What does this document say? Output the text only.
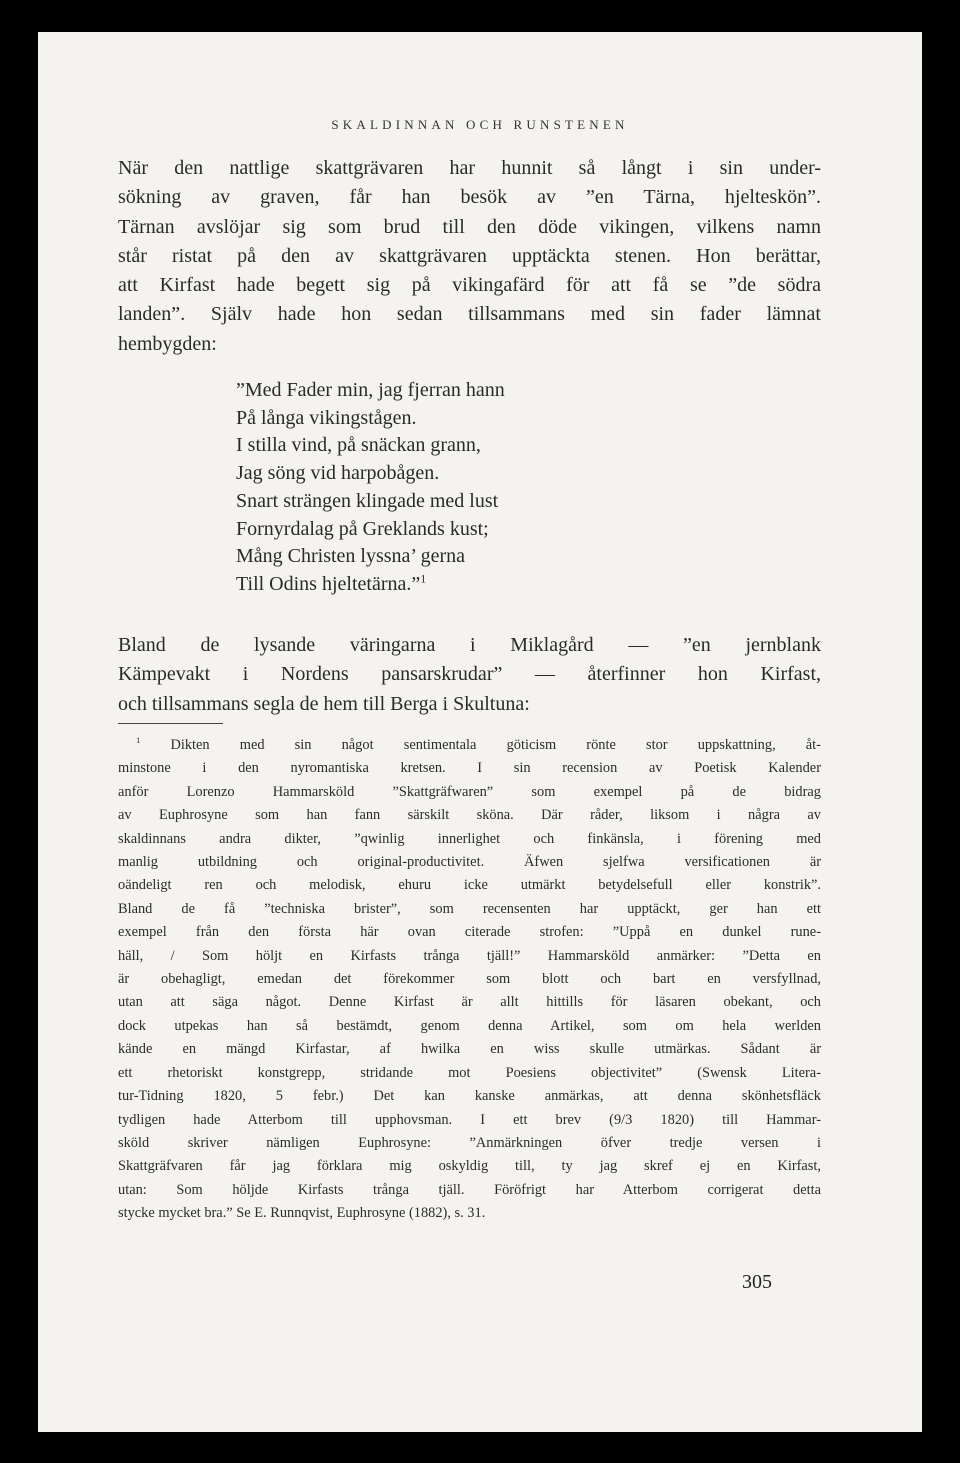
SKALDINNAN OCH RUNSTENEN

När den nattlige skattgrävaren har hunnit så långt i sin under-
sökning av graven, får han besök av ”en Tärna, hjelteskön”.
Tärnan avslöjar sig som brud till den döde vikingen, vilkens namn
står ristat på den av skattgrävaren upptäckta stenen. Hon berättar,
att Kirfast hade begett sig på vikingafärd för att få se ”de södra
landen”. Själv hade hon sedan tillsammans med sin fader lämnat
hembygden:

”Med Fader min, jag fjerran hann
På långa vikingstågen.
I stilla vind, på snäckan grann,
Jag söng vid harpobågen.
Snart strängen klingade med lust
Fornyrdalag på Greklands kust;
Mång Christen lyssna’ gerna
Till Odins hjeltetärna.”$^1$

Bland de lysande väringarna i Miklagård — ”en jernblank
Kämpevakt i Nordens pansarskrudar” — återfinner hon Kirfast,
och tillsammans segla de hem till Berga i Skultuna:

$^1$ Dikten med sin något sentimentala göticism rönte stor uppskattning, åt-
minstone i den nyromantiska kretsen. I sin recension av Poetisk Kalender
anför Lorenzo Hammarsköld ”Skattgräfwaren” som exempel på de bidrag
av Euphrosyne som han fann särskilt sköna. Där råder, liksom i några av
skaldinnans andra dikter, ”qwinlig innerlighet och finkänsla, i förening med
manlig utbildning och original-productivitet. Äfwen sjelfwa versificationen är
oändeligt ren och melodisk, ehuru icke utmärkt betydelsefull eller konstrik”.
Bland de få ”techniska brister”, som recensenten har upptäckt, ger han ett
exempel från den första här ovan citerade strofen: ”Uppå en dunkel rune-
häll, / Som höljt en Kirfasts trånga tjäll!” Hammarsköld anmärker: ”Detta en
är obehagligt, emedan det förekommer som blott och bart en versfyllnad,
utan att säga något. Denne Kirfast är allt hittills för läsaren obekant, och
dock utpekas han så bestämdt, genom denna Artikel, som om hela werlden
kände en mängd Kirfastar, af hwilka en wiss skulle utmärkas. Sådant är
ett rhetoriskt konstgrepp, stridande mot Poesiens objectivitet” (Swensk Litera-
tur-Tidning 1820, 5 febr.) Det kan kanske anmärkas, att denna skönhetsfläck
tydligen hade Atterbom till upphovsman. I ett brev (9/3 1820) till Hammar-
sköld skriver nämligen Euphrosyne: ”Anmärkningen öfver tredje versen i
Skattgräfvaren får jag förklara mig oskyldig till, ty jag skref ej en Kirfast,
utan: Som höljde Kirfasts trånga tjäll. Föröfrigt har Atterbom corrigerat detta
stycke mycket bra.” Se E. Runnqvist, Euphrosyne (1882), s. 31.
305
